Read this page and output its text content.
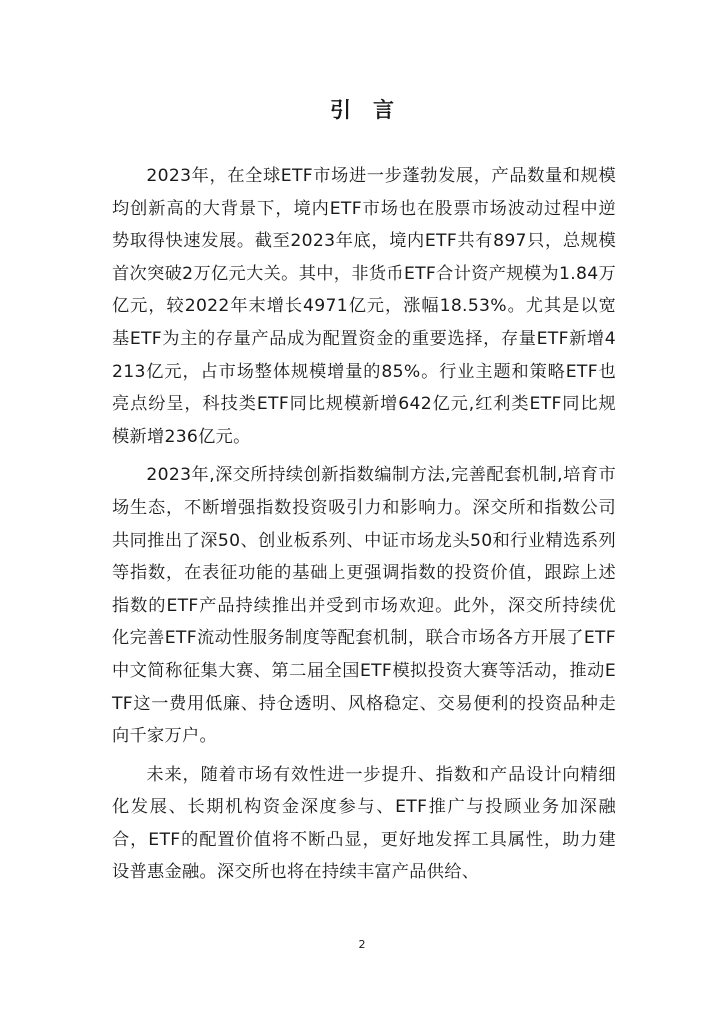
引言

2023年，在全球ETF市场进一步蓬勃发展，产品数量和规模均创新高的大背景下，境内ETF市场也在股票市场波动过程中逆势取得快速发展。截至2023年底，境内ETF共有897只，总规模首次突破2万亿元大关。其中，非货币ETF合计资产规模为1.84万亿元，较2022年末增长4971亿元，涨幅18.53%。尤其是以宽基ETF为主的存量产品成为配置资金的重要选择，存量ETF新增4213亿元，占市场整体规模增量的85%。行业主题和策略ETF也亮点纷呈，科技类ETF同比规模新增642亿元,红利类ETF同比规模新增236亿元。

2023年,深交所持续创新指数编制方法,完善配套机制,培育市场生态，不断增强指数投资吸引力和影响力。深交所和指数公司共同推出了深50、创业板系列、中证市场龙头50和行业精选系列等指数，在表征功能的基础上更强调指数的投资价值，跟踪上述指数的ETF产品持续推出并受到市场欢迎。此外，深交所持续优化完善ETF流动性服务制度等配套机制，联合市场各方开展了ETF中文简称征集大赛、第二届全国ETF模拟投资大赛等活动，推动ETF这一费用低廉、持仓透明、风格稳定、交易便利的投资品种走向千家万户。

未来，随着市场有效性进一步提升、指数和产品设计向精细化发展、长期机构资金深度参与、ETF推广与投顾业务加深融合，ETF的配置价值将不断凸显，更好地发挥工具属性，助力建设普惠金融。深交所也将在持续丰富产品供给、

2
